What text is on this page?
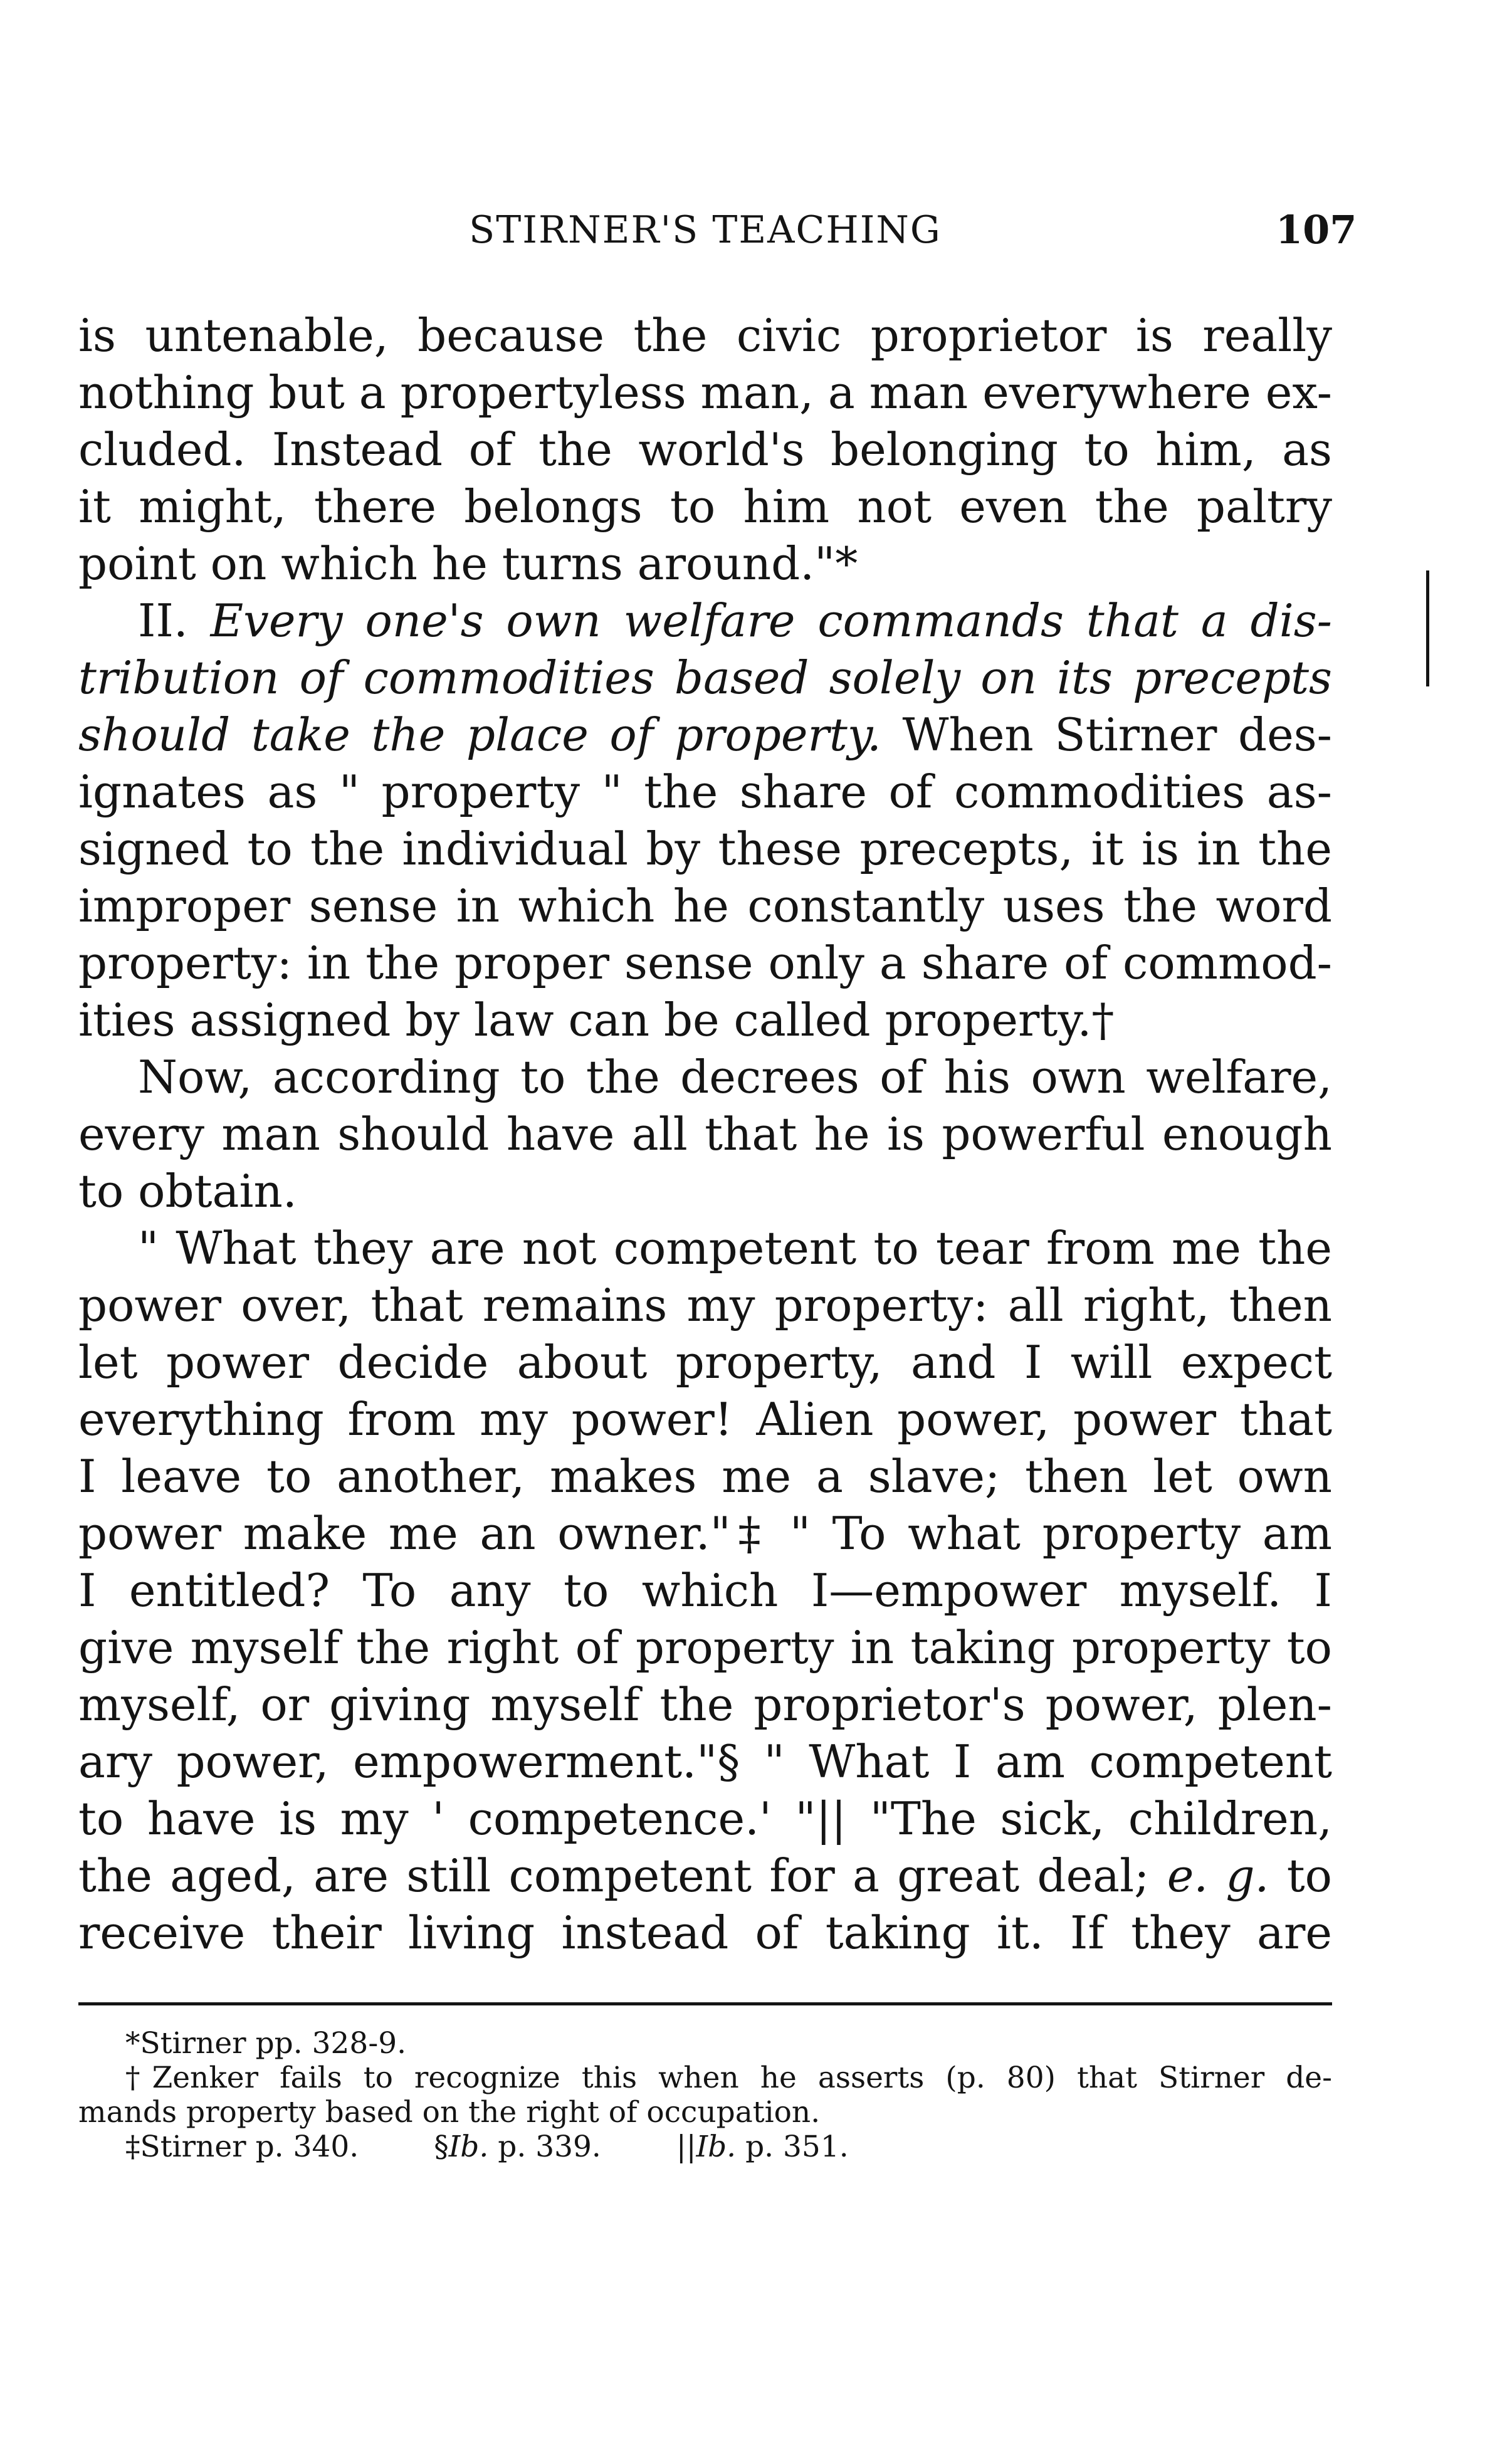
STIRNER'S TEACHING	107
is untenable, because the civic proprietor is really
nothing but a propertyless man, a man everywhere ex-
cluded. Instead of the world's belonging to him, as
it might, there belongs to him not even the paltry
point on which he turns around."*
II. Every one's own welfare commands that a dis-
tribution of commodities based solely on its precepts
should take the place of property. When Stirner des-
ignates as " property " the share of commodities as-
signed to the individual by these precepts, it is in the
improper sense in which he constantly uses the word
property: in the proper sense only a share of commod-
ities assigned by law can be called property.†
Now, according to the decrees of his own welfare,
every man should have all that he is powerful enough
to obtain.
" What they are not competent to tear from me the
power over, that remains my property: all right, then
let power decide about property, and I will expect
everything from my power! Alien power, power that
I leave to another, makes me a slave; then let own
power make me an owner."‡ " To what property am
I entitled? To any to which I—empower myself. I
give myself the right of property in taking property to
myself, or giving myself the proprietor's power, plen-
ary power, empowerment."§ " What I am competent
to have is my ' competence.' "|| "The sick, children,
the aged, are still competent for a great deal; e. g. to
receive their living instead of taking it. If they are
*Stirner pp. 328-9.
†Zenker fails to recognize this when he asserts (p. 80) that Stirner de-
mands property based on the right of occupation.
‡Stirner p. 340.	§Ib. p. 339.	||Ib. p. 351.
